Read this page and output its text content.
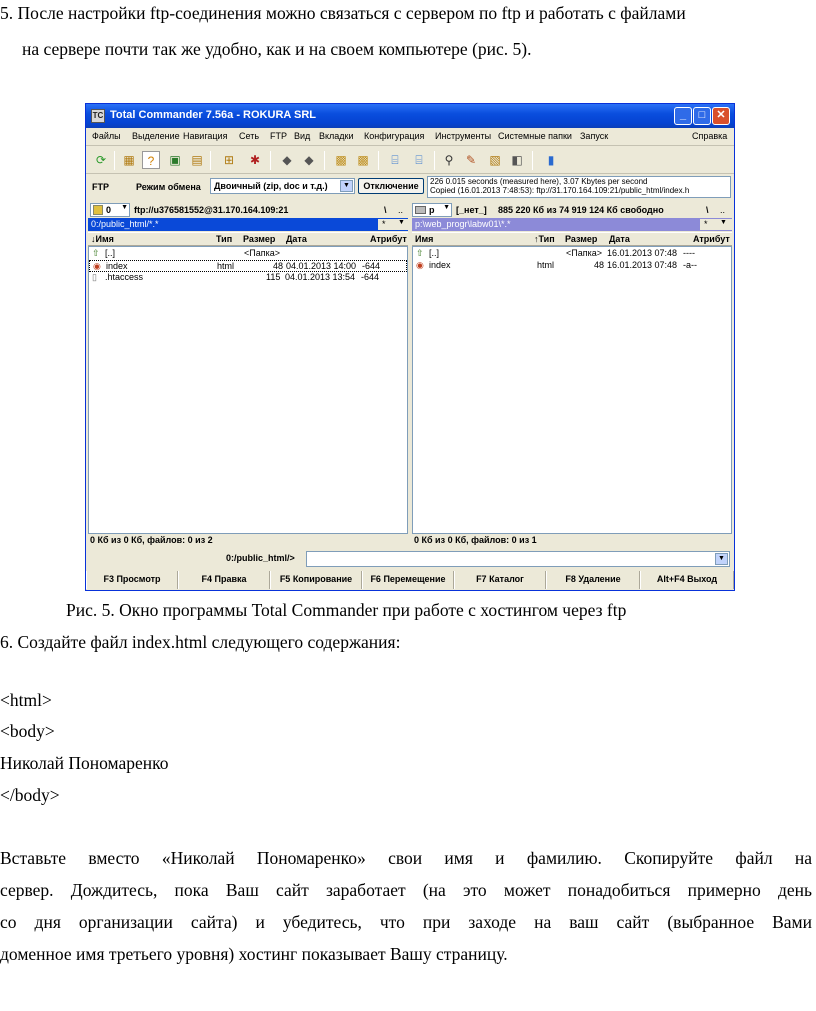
5. После настройки ftp-соединения можно связаться с сервером по ftp и работать с файлами
на сервере почти так же удобно, как и на своем компьютере (рис. 5).
TC Total Commander 7.56a - ROKURA SRL	_	□	✕
Файлы Выделение Навигация Сеть FTP Вид Вкладки Конфигурация Инструменты Системные папки Запуск	Справка
⟳	▦	?	▣ ▤	⊞	✱	◆	◆	▩ ▩	⌸	⌸	⚲	✎	▧ ◧	▮
FTP	Режим обмена Двоичный (zip, doc и т.д.)	▼	Отключение	226 0.015 seconds (measured here), 3.07 Kbytes per second
Copied (16.01.2013 7:48:53): ftp://31.170.164.109:21/public_html/index.h
0 ▼ ftp://u376581552@31.170.164.109:21	\ ..
0:/public_html/*.*	* ▼
↓Имя	Тип Размер Дата	Атрибут
⇧ [..]	<Папка>
◉ index	html	48 04.01.2013 14:00 -644
▯ .htaccess	115 04.01.2013 13:54 -644
0 Кб из 0 Кб, файлов: 0 из 2
p ▼ [_нет_] 885 220 Кб из 74 919 124 Кб свободно	\ ..
p:\web_progr\labw01\*.*	* ▼
Имя	↑Тип Размер Дата	Атрибут
⇧ [..]	<Папка> 16.01.2013 07:48 ----
◉ index	html	48 16.01.2013 07:48 -a--
0 Кб из 0 Кб, файлов: 0 из 1
0:/public_html/>	▼
F3 Просмотр	F4 Правка	F5 Копирование	F6 Перемещение	F7 Каталог	F8 Удаление	Alt+F4 Выход
Рис. 5. Окно программы Total Commander при работе с хостингом через ftp
6. Создайте файл index.html следующего содержания:
<html>
<body>
Николай Пономаренко
</body>
Вставьте вместо «Николай Пономаренко» свои имя и фамилию. Скопируйте файл на
сервер. Дождитесь, пока Ваш сайт заработает (на это может понадобиться примерно день
со дня организации сайта) и убедитесь, что при заходе на ваш сайт (выбранное Вами
доменное имя третьего уровня) хостинг показывает Вашу страницу.
